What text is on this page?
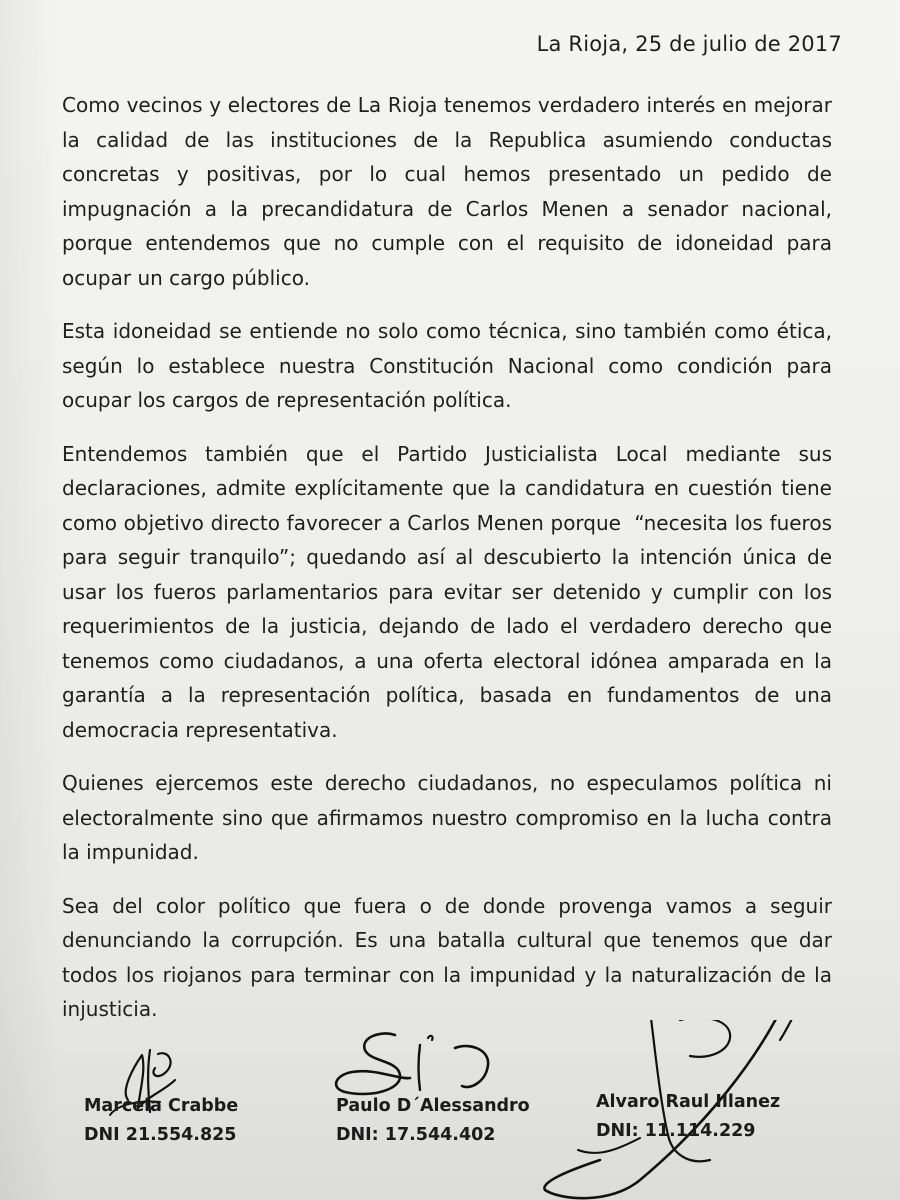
La Rioja, 25 de julio de 2017

Como vecinos y electores de La Rioja tenemos verdadero interés en mejorar la calidad de las instituciones de la Republica asumiendo conductas concretas y positivas, por lo cual hemos presentado un pedido de impugnación a la precandidatura de Carlos Menen a senador nacional, porque entendemos que no cumple con el requisito de idoneidad para ocupar un cargo público.

Esta idoneidad se entiende no solo como técnica, sino también como ética, según lo establece nuestra Constitución Nacional como condición para ocupar los cargos de representación política.

Entendemos también que el Partido Justicialista Local mediante sus declaraciones, admite explícitamente que la candidatura en cuestión tiene como objetivo directo favorecer a Carlos Menen porque  “necesita los fueros para seguir tranquilo”; quedando así al descubierto la intención única de usar los fueros parlamentarios para evitar ser detenido y cumplir con los requerimientos de la justicia, dejando de lado el verdadero derecho que tenemos como ciudadanos, a una oferta electoral idónea amparada en la garantía a la representación política, basada en fundamentos de una democracia representativa.

Quienes ejercemos este derecho ciudadanos, no especulamos política ni electoralmente sino que afirmamos nuestro compromiso en la lucha contra la impunidad.

Sea del color político que fuera o de donde provenga vamos a seguir denunciando la corrupción. Es una batalla cultural que tenemos que dar todos los riojanos para terminar con la impunidad y la naturalización de la injusticia.

Marcela Crabbe
DNI 21.554.825
Paulo D´Alessandro
DNI: 17.544.402
Alvaro Raul Illanez
DNI: 11.114.229
